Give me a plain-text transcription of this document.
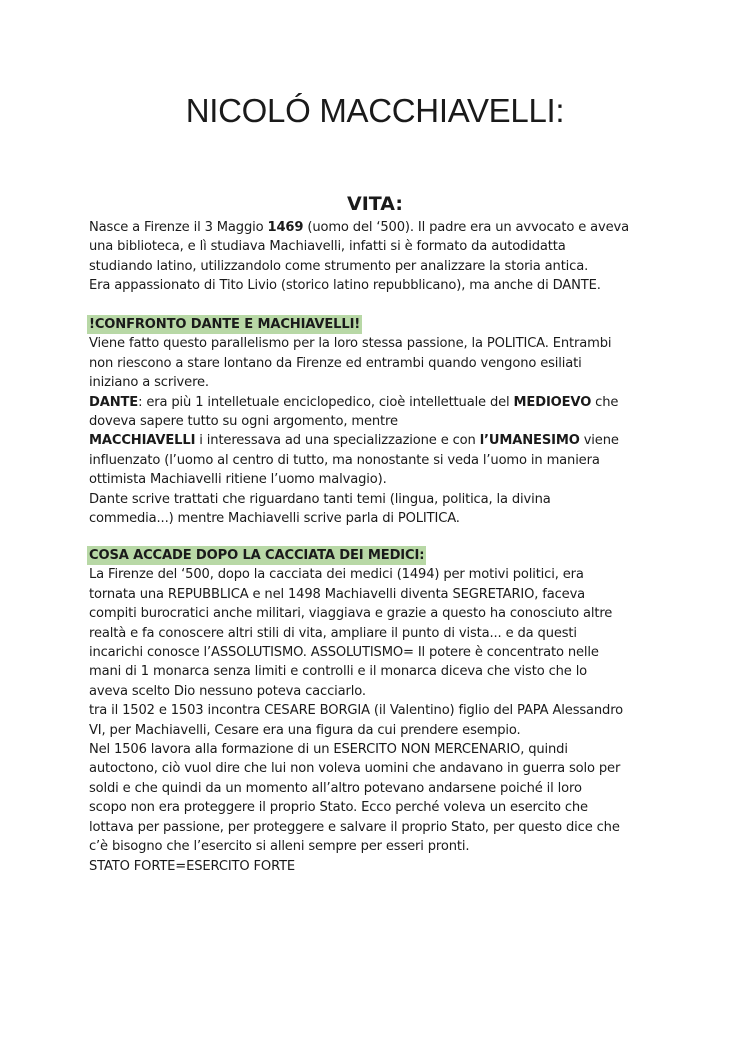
NICOLÓ MACCHIAVELLI:
VITA:
Nasce a Firenze il 3 Maggio 1469 (uomo del ‘500). Il padre era un avvocato e aveva
una biblioteca, e lì studiava Machiavelli, infatti si è formato da autodidatta
studiando latino, utilizzandolo come strumento per analizzare la storia antica.
Era appassionato di Tito Livio (storico latino repubblicano), ma anche di DANTE.
!CONFRONTO DANTE E MACHIAVELLI!
Viene fatto questo parallelismo per la loro stessa passione, la POLITICA. Entrambi
non riescono a stare lontano da Firenze ed entrambi quando vengono esiliati
iniziano a scrivere.
DANTE: era più 1 intelletuale enciclopedico, cioè intellettuale del MEDIOEVO che
doveva sapere tutto su ogni argomento, mentre
MACCHIAVELLI i interessava ad una specializzazione e con l’UMANESIMO viene
influenzato (l’uomo al centro di tutto, ma nonostante si veda l’uomo in maniera
ottimista Machiavelli ritiene l’uomo malvagio).
Dante scrive trattati che riguardano tanti temi (lingua, politica, la divina
commedia...) mentre Machiavelli scrive parla di POLITICA.
COSA ACCADE DOPO LA CACCIATA DEI MEDICI:
La Firenze del ‘500, dopo la cacciata dei medici (1494) per motivi politici, era
tornata una REPUBBLICA e nel 1498 Machiavelli diventa SEGRETARIO, faceva
compiti burocratici anche militari, viaggiava e grazie a questo ha conosciuto altre
realtà e fa conoscere altri stili di vita, ampliare il punto di vista... e da questi
incarichi conosce l’ASSOLUTISMO. ASSOLUTISMO= Il potere è concentrato nelle
mani di 1 monarca senza limiti e controlli e il monarca diceva che visto che lo
aveva scelto Dio nessuno poteva cacciarlo.
tra il 1502 e 1503 incontra CESARE BORGIA (il Valentino) figlio del PAPA Alessandro
VI, per Machiavelli, Cesare era una figura da cui prendere esempio.
Nel 1506 lavora alla formazione di un ESERCITO NON MERCENARIO, quindi
autoctono, ciò vuol dire che lui non voleva uomini che andavano in guerra solo per
soldi e che quindi da un momento all’altro potevano andarsene poiché il loro
scopo non era proteggere il proprio Stato. Ecco perché voleva un esercito che
lottava per passione, per proteggere e salvare il proprio Stato, per questo dice che
c’è bisogno che l’esercito si alleni sempre per esseri pronti.
STATO FORTE=ESERCITO FORTE
